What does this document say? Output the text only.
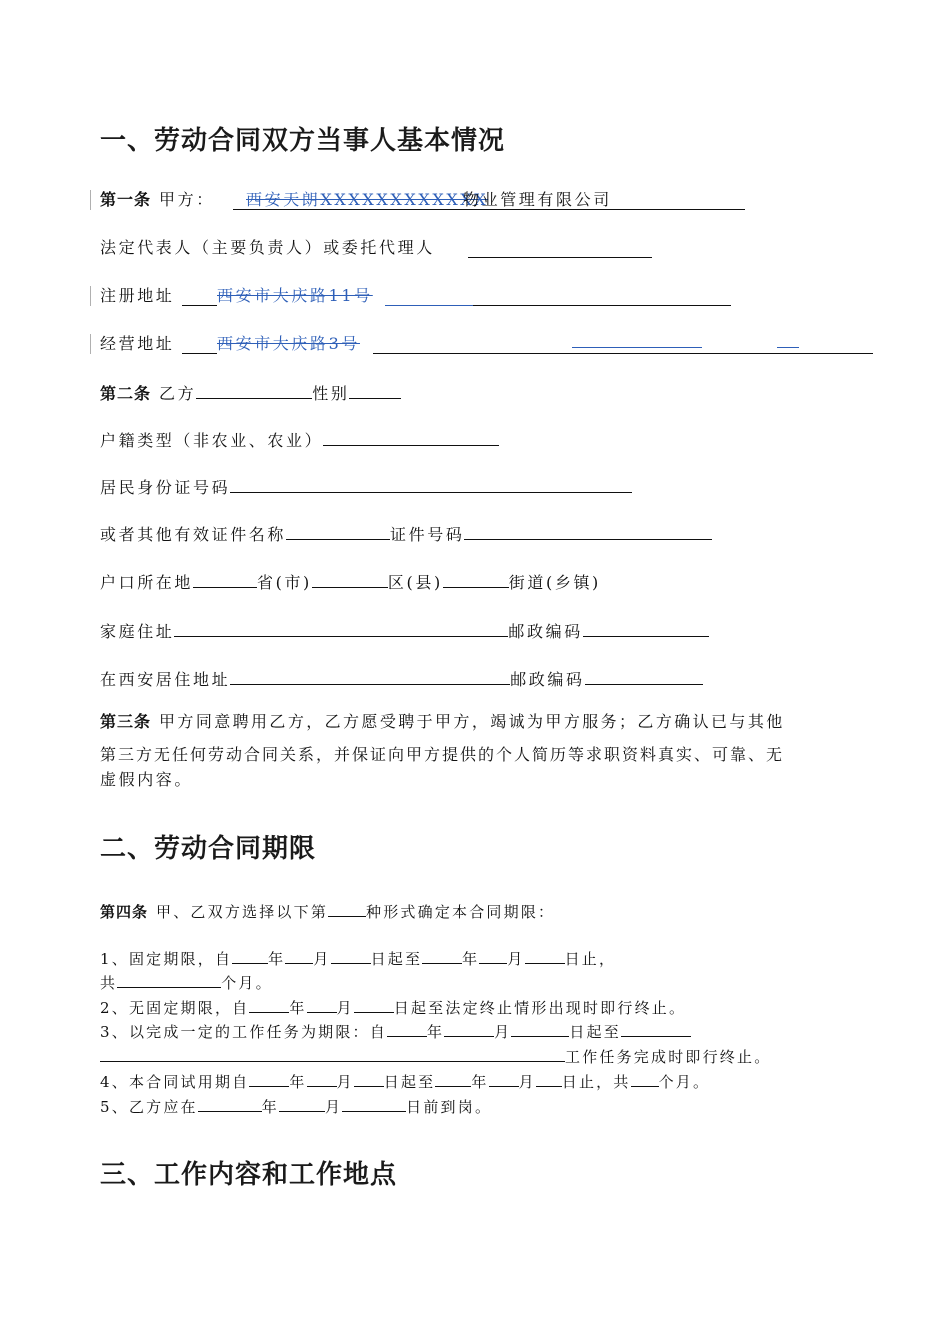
一、劳动合同双方当事人基本情况
第一条 甲方： 西安天朗XXXXXXXXXXXX
物业管理有限公司
法定代表人（主要负责人）或委托代理人
注册地址	西安市大庆路11号
经营地址	西安市大庆路3号
第二条 乙方	性别
户籍类型（非农业、农业）
居民身份证号码
或者其他有效证件名称	证件号码
户口所在地	省(市)	区(县)	街道(乡镇)
家庭住址	邮政编码
在西安居住地址	邮政编码
第三条 甲方同意聘用乙方，乙方愿受聘于甲方，竭诚为甲方服务；乙方确认已与其他
第三方无任何劳动合同关系，并保证向甲方提供的个人简历等求职资料真实、可靠、无
虚假内容。
二、劳动合同期限
第四条 甲、乙双方选择以下第	种形式确定本合同期限：
1、固定期限，自 年 月	日起至	年 月	日止，
共	个月。
2、无固定期限，自	年 月	日起至法定终止情形出现时即行终止。
3、以完成一定的工作任务为期限：自	年	月	日起至
工作任务完成时即行终止。
4、本合同试用期自	年 月 日起至 年 月 日止，共 个月。
5、乙方应在	年	月	日前到岗。
三、工作内容和工作地点
